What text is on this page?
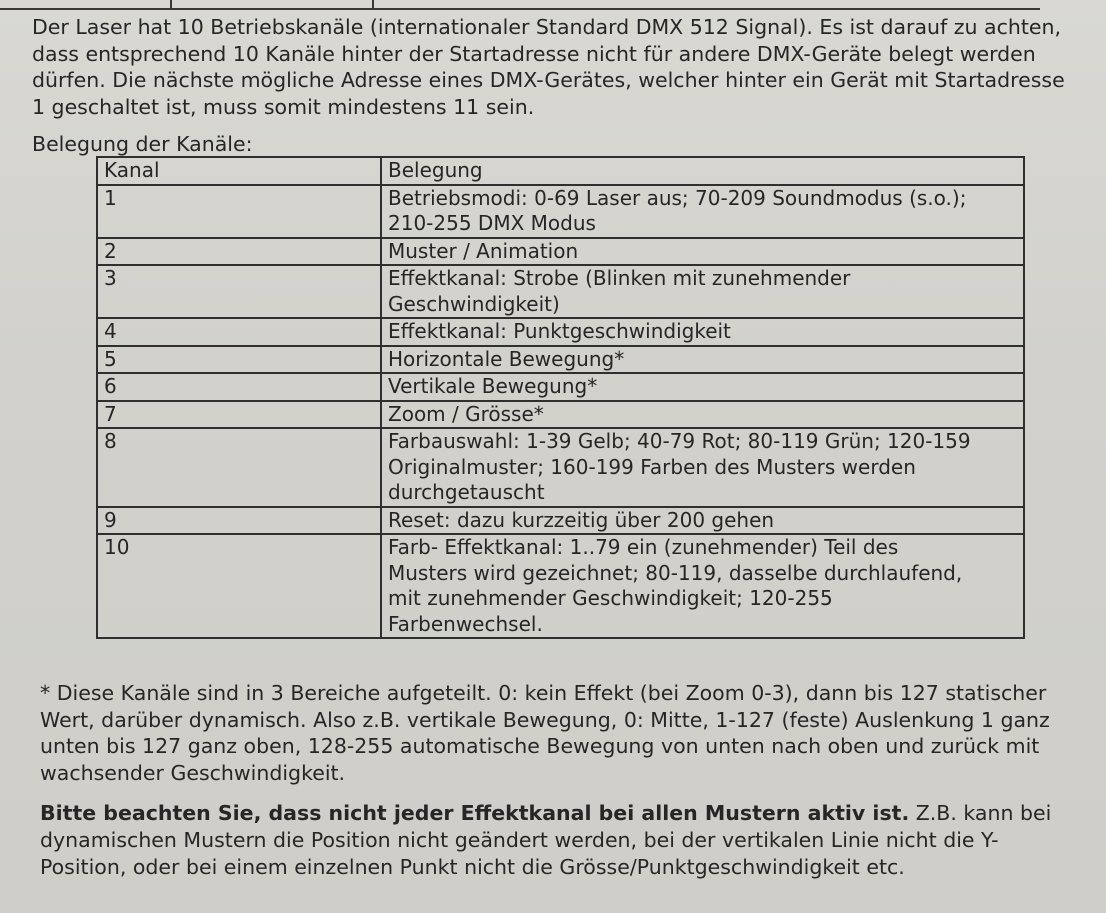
Der Laser hat 10 Betriebskanäle (internationaler Standard DMX 512 Signal). Es ist darauf zu achten,
dass entsprechend 10 Kanäle hinter der Startadresse nicht für andere DMX-Geräte belegt werden
dürfen. Die nächste mögliche Adresse eines DMX-Gerätes, welcher hinter ein Gerät mit Startadresse
1 geschaltet ist, muss somit mindestens 11 sein.
Belegung der Kanäle:
Kanal	Belegung
1	Betriebsmodi: 0-69 Laser aus; 70-209 Soundmodus (s.o.);
210-255 DMX Modus

2	Muster / Animation

3	Effektkanal: Strobe (Blinken mit zunehmender
Geschwindigkeit)

4	Effektkanal: Punktgeschwindigkeit

5	Horizontale Bewegung*

6	Vertikale Bewegung*

7	Zoom / Grösse*

8	Farbauswahl: 1-39 Gelb; 40-79 Rot; 80-119 Grün; 120-159
Originalmuster; 160-199 Farben des Musters werden
durchgetauscht

9	Reset: dazu kurzzeitig über 200 gehen

10	Farb- Effektkanal: 1..79 ein (zunehmender) Teil des
Musters wird gezeichnet; 80-119, dasselbe durchlaufend,
mit zunehmender Geschwindigkeit; 120-255
Farbenwechsel.
* Diese Kanäle sind in 3 Bereiche aufgeteilt. 0: kein Effekt (bei Zoom 0-3), dann bis 127 statischer
Wert, darüber dynamisch. Also z.B. vertikale Bewegung, 0: Mitte, 1-127 (feste) Auslenkung 1 ganz
unten bis 127 ganz oben, 128-255 automatische Bewegung von unten nach oben und zurück mit
wachsender Geschwindigkeit.
Bitte beachten Sie, dass nicht jeder Effektkanal bei allen Mustern aktiv ist. Z.B. kann bei
dynamischen Mustern die Position nicht geändert werden, bei der vertikalen Linie nicht die Y-
Position, oder bei einem einzelnen Punkt nicht die Grösse/Punktgeschwindigkeit etc.
